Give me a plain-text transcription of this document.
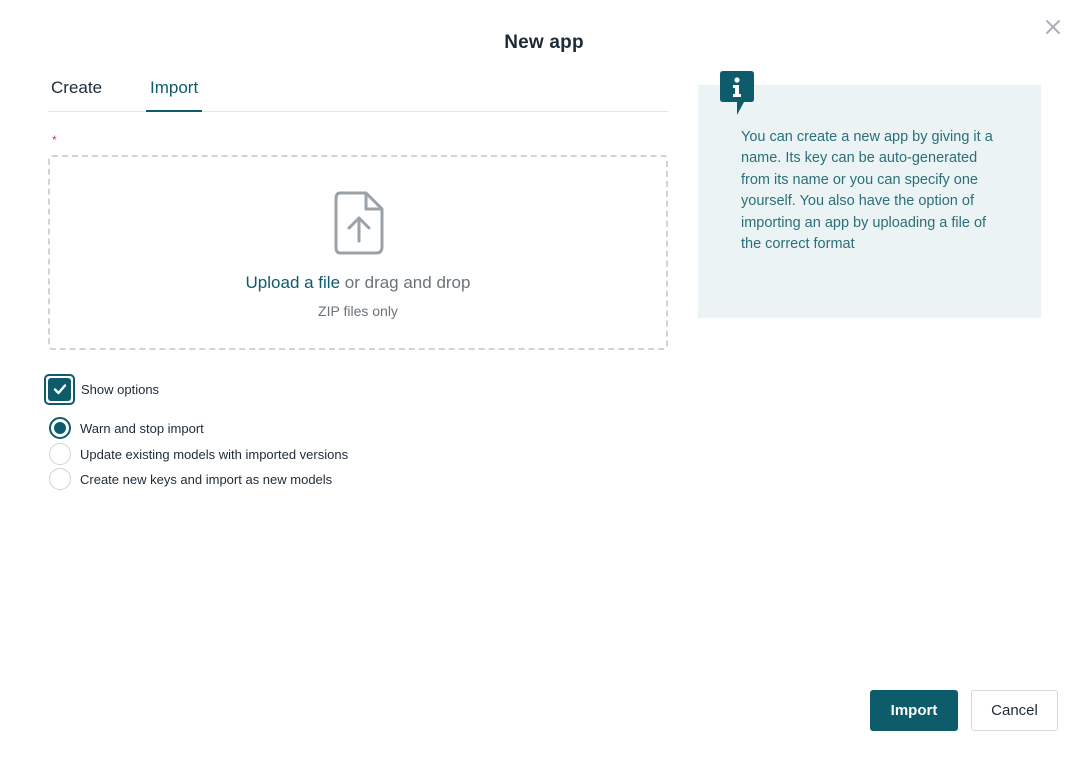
New app
Create	Import
*
Upload a file or drag and drop
ZIP files only
You can create a new app by giving it a name. Its key can be auto-generated from its name or you can specify one yourself. You also have the option of importing an app by uploading a file of the correct format
Show options
Warn and stop import
Update existing models with imported versions
Create new keys and import as new models
Import	Cancel
